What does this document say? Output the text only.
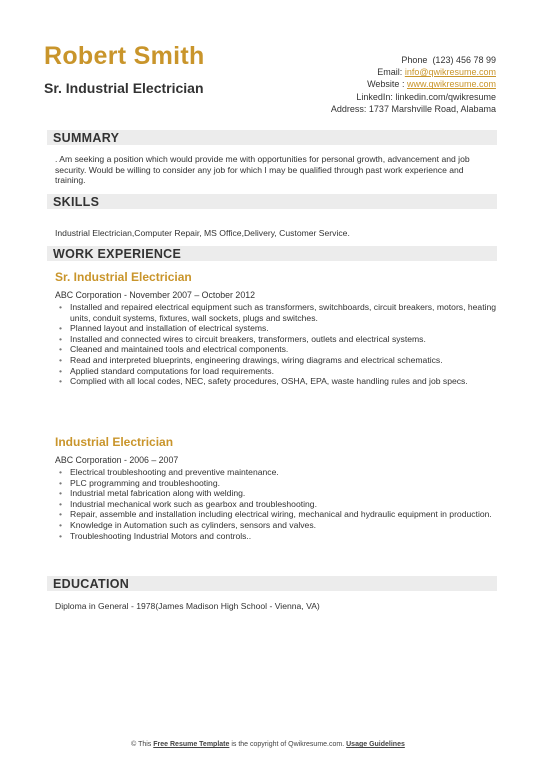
Robert Smith
Sr. Industrial Electrician
Phone (123) 456 78 99
Email: info@qwikresume.com
Website : www.qwikresume.com
LinkedIn: linkedin.com/qwikresume
Address: 1737 Marshville Road, Alabama
SUMMARY
. Am seeking a position which would provide me with opportunities for personal growth, advancement and job security. Would be willing to consider any job for which I may be qualified through past work experience and training.
SKILLS
Industrial Electrician,Computer Repair, MS Office,Delivery, Customer Service.
WORK EXPERIENCE
Sr. Industrial Electrician
ABC Corporation - November 2007 – October 2012
• Installed and repaired electrical equipment such as transformers, switchboards, circuit breakers, motors, heating units, conduit systems, fixtures, wall sockets, plugs and switches.
• Planned layout and installation of electrical systems.
• Installed and connected wires to circuit breakers, transformers, outlets and electrical systems.
• Cleaned and maintained tools and electrical components.
• Read and interpreted blueprints, engineering drawings, wiring diagrams and electrical schematics.
• Applied standard computations for load requirements.
• Complied with all local codes, NEC, safety procedures, OSHA, EPA, waste handling rules and job specs.
Industrial Electrician
ABC Corporation - 2006 – 2007
• Electrical troubleshooting and preventive maintenance.
• PLC programming and troubleshooting.
• Industrial metal fabrication along with welding.
• Industrial mechanical work such as gearbox and troubleshooting.
• Repair, assemble and installation including electrical wiring, mechanical and hydraulic equipment in production.
• Knowledge in Automation such as cylinders, sensors and valves.
• Troubleshooting Industrial Motors and controls..
EDUCATION
Diploma in General - 1978(James Madison High School - Vienna, VA)
© This Free Resume Template is the copyright of Qwikresume.com. Usage Guidelines
